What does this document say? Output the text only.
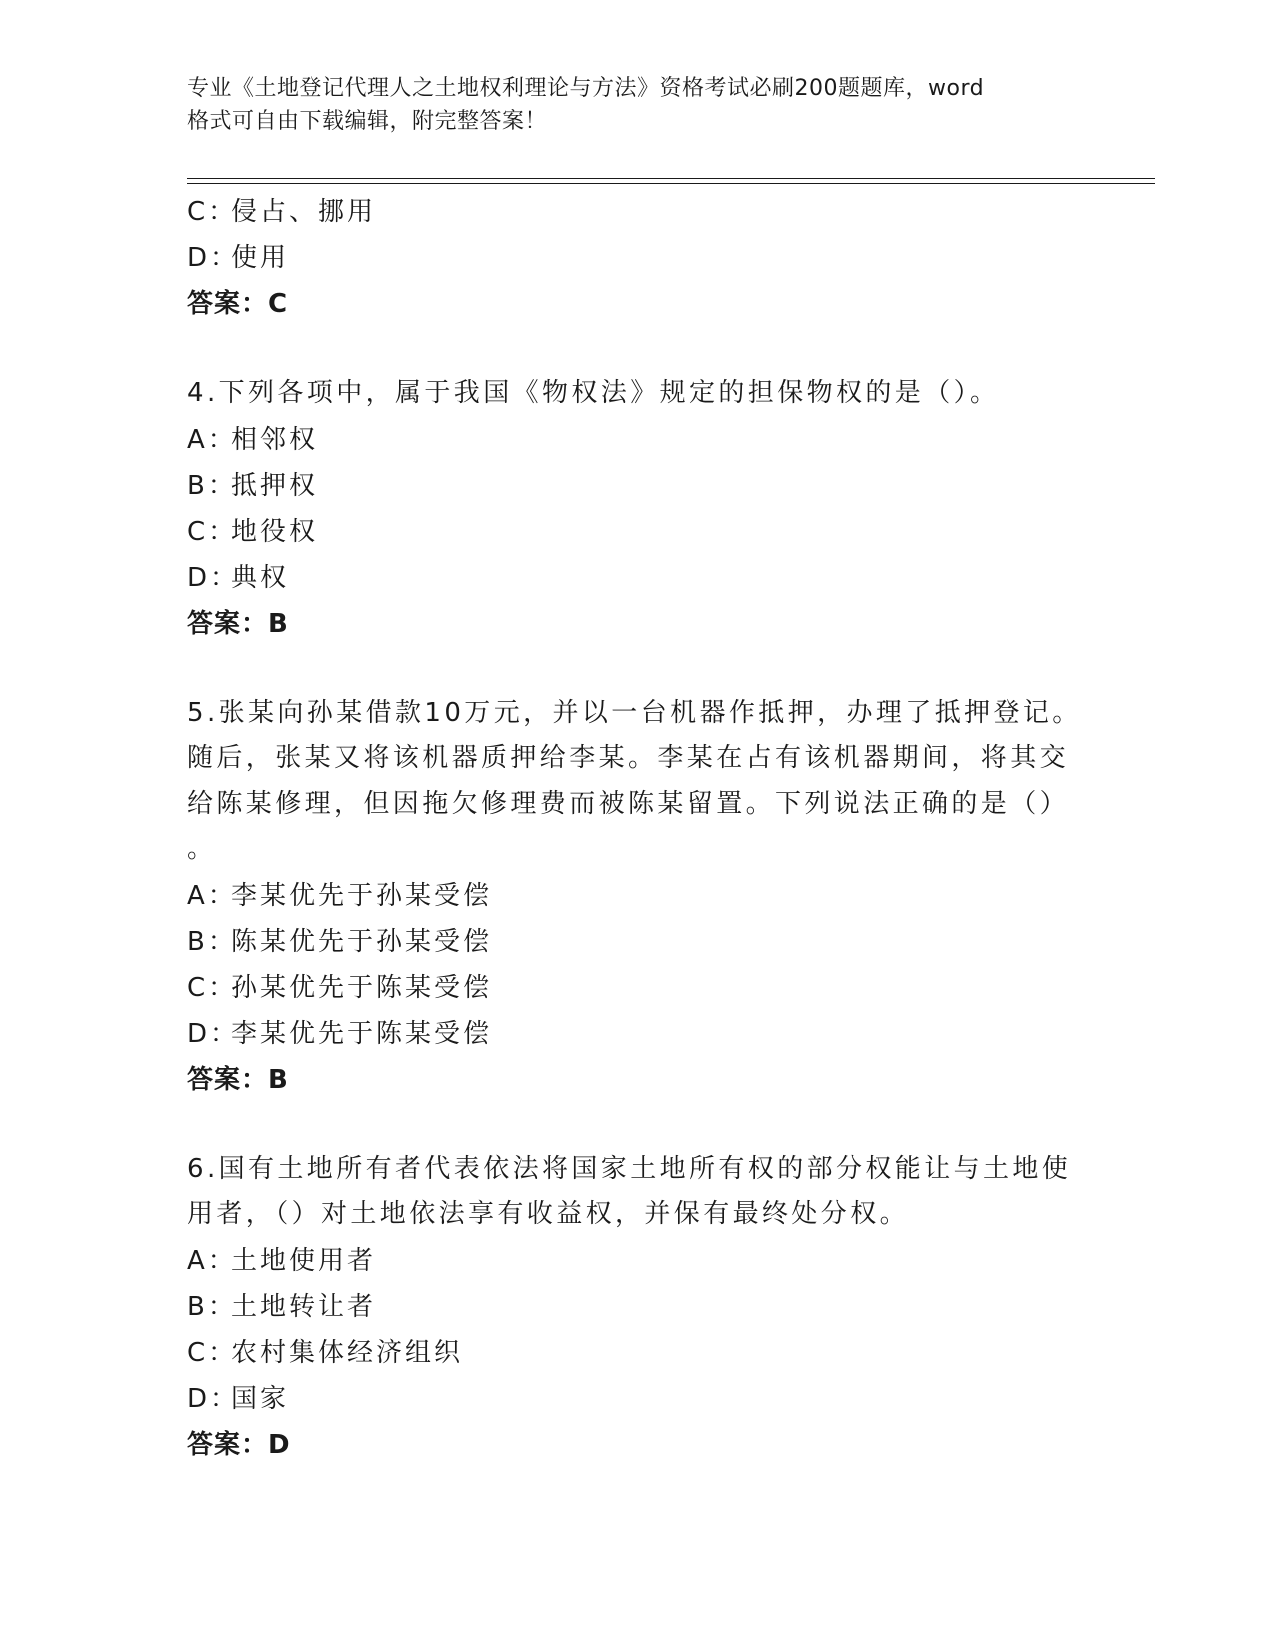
专业《土地登记代理人之土地权利理论与方法》资格考试必刷200题题库，word
格式可自由下载编辑，附完整答案！
C：侵占、挪用
D：使用
答案：C
4.下列各项中，属于我国《物权法》规定的担保物权的是（）。
A：相邻权
B：抵押权
C：地役权
D：典权
答案：B
5.张某向孙某借款10万元，并以一台机器作抵押，办理了抵押登记。
随后，张某又将该机器质押给李某。李某在占有该机器期间，将其交
给陈某修理，但因拖欠修理费而被陈某留置。下列说法正确的是（）
。
A：李某优先于孙某受偿
B：陈某优先于孙某受偿
C：孙某优先于陈某受偿
D：李某优先于陈某受偿
答案：B
6.国有土地所有者代表依法将国家土地所有权的部分权能让与土地使
用者，（）对土地依法享有收益权，并保有最终处分权。
A：土地使用者
B：土地转让者
C：农村集体经济组织
D：国家
答案：D
